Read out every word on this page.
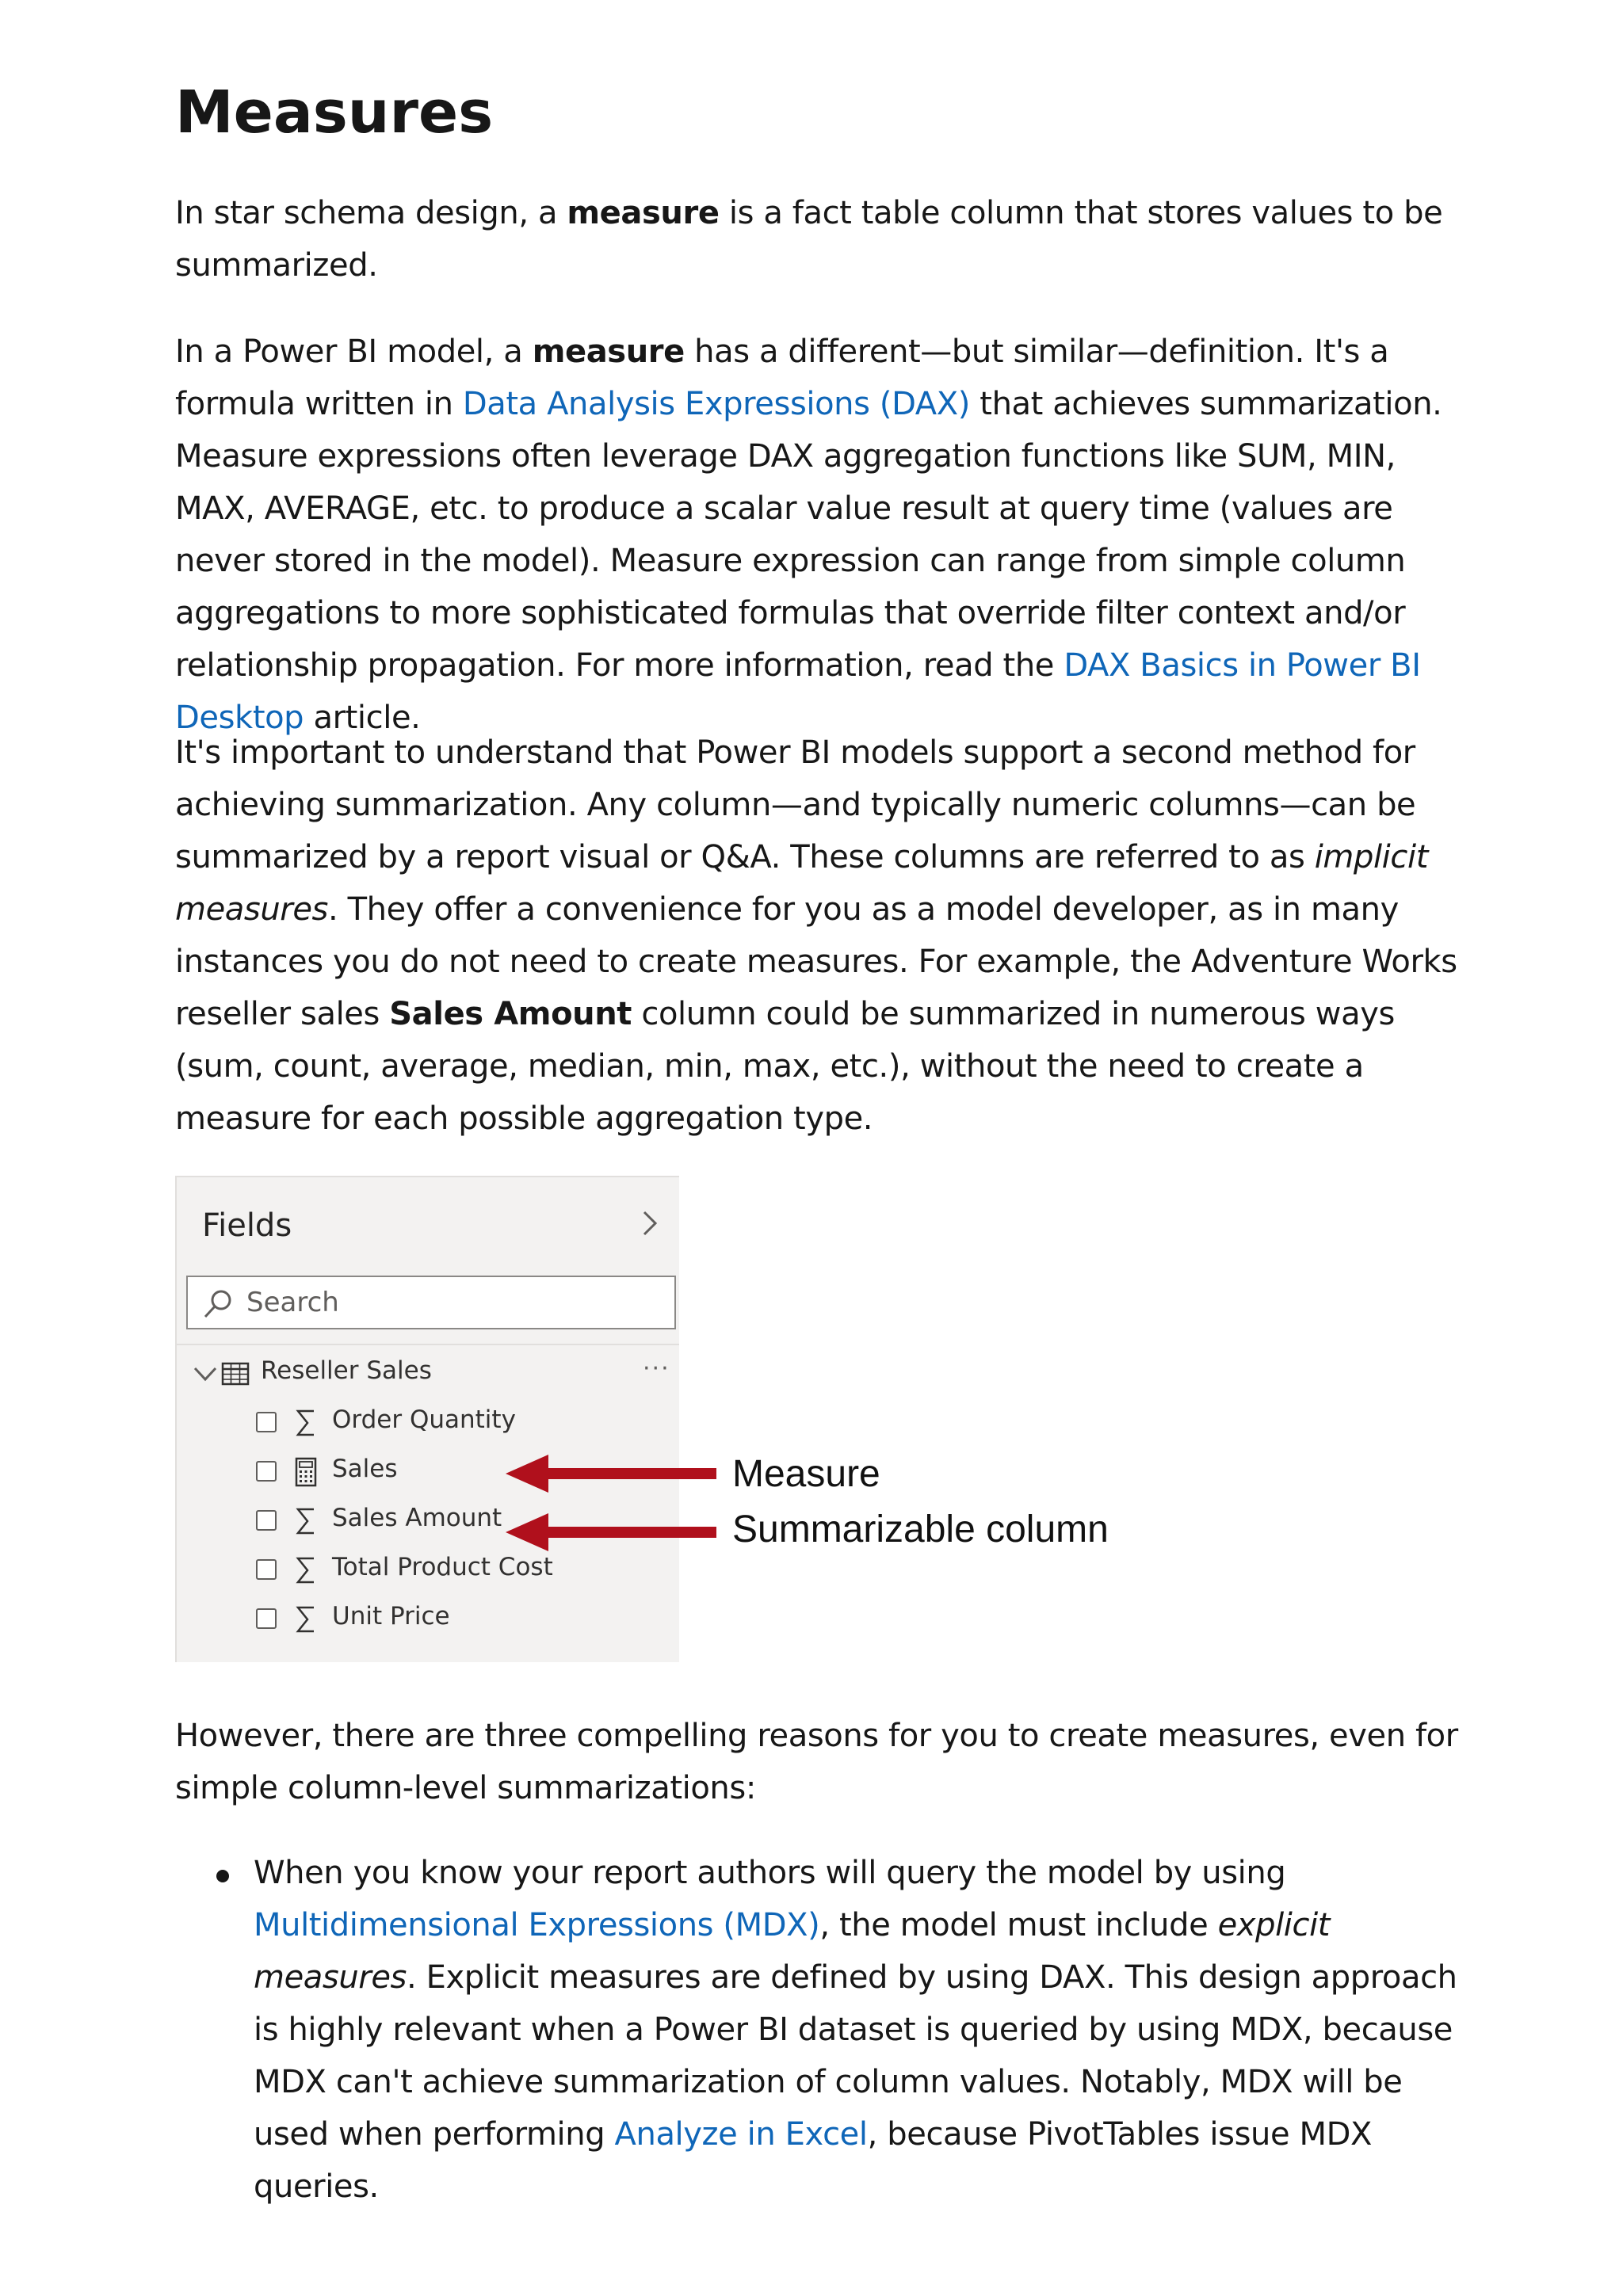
Measures

In star schema design, a measure is a fact table column that stores values to be summarized.

In a Power BI model, a measure has a different—but similar—definition. It's a formula written in Data Analysis Expressions (DAX) that achieves summarization. Measure expressions often leverage DAX aggregation functions like SUM, MIN, MAX, AVERAGE, etc. to produce a scalar value result at query time (values are never stored in the model). Measure expression can range from simple column aggregations to more sophisticated formulas that override filter context and/or relationship propagation. For more information, read the DAX Basics in Power BI Desktop article.

It's important to understand that Power BI models support a second method for achieving summarization. Any column—and typically numeric columns—can be summarized by a report visual or Q&A. These columns are referred to as implicit measures. They offer a convenience for you as a model developer, as in many instances you do not need to create measures. For example, the Adventure Works reseller sales Sales Amount column could be summarized in numerous ways (sum, count, average, median, min, max, etc.), without the need to create a measure for each possible aggregation type.

Fields
Search
Reseller Sales	···
Order Quantity
Sales
Sales Amount
Total Product Cost
Unit Price
Measure
Summarizable column

However, there are three compelling reasons for you to create measures, even for simple column-level summarizations:

When you know your report authors will query the model by using Multidimensional Expressions (MDX), the model must include explicit measures. Explicit measures are defined by using DAX. This design approach is highly relevant when a Power BI dataset is queried by using MDX, because MDX can't achieve summarization of column values. Notably, MDX will be used when performing Analyze in Excel, because PivotTables issue MDX queries.
